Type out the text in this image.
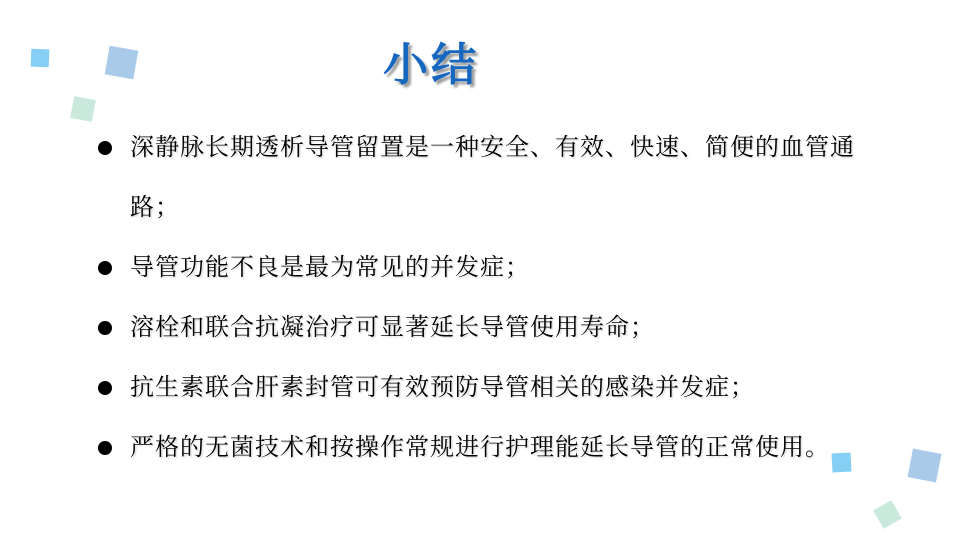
小结
深静脉长期透析导管留置是一种安全、有效、快速、简便的血管通
路；
导管功能不良是最为常见的并发症；
溶栓和联合抗凝治疗可显著延长导管使用寿命；
抗生素联合肝素封管可有效预防导管相关的感染并发症；
严格的无菌技术和按操作常规进行护理能延长导管的正常使用。
